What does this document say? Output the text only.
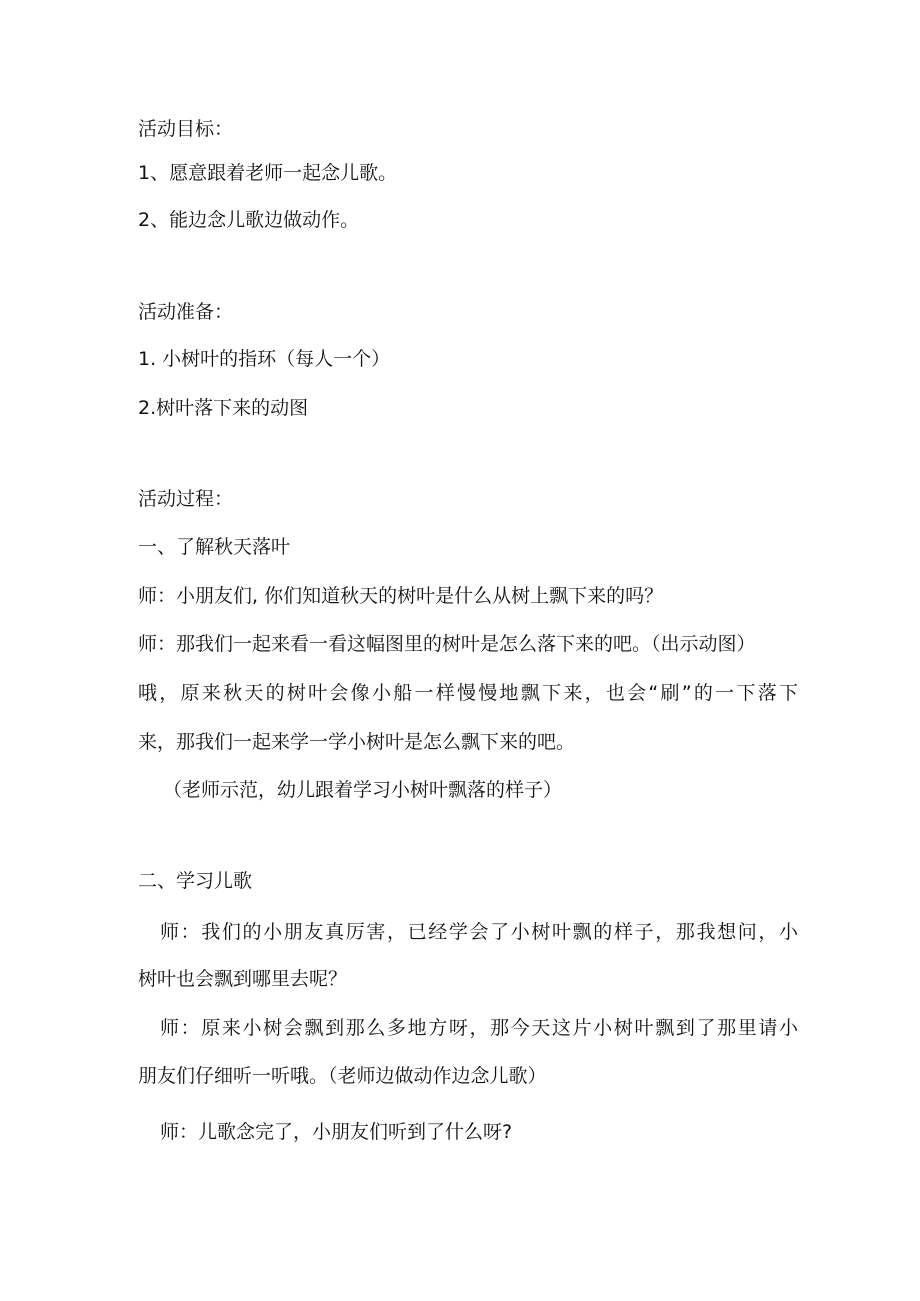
活动目标：
1、愿意跟着老师一起念儿歌。
2、能边念儿歌边做动作。
活动准备：
1. 小树叶的指环（每人一个）
2.树叶落下来的动图
活动过程：
一、了解秋天落叶
师：小朋友们, 你们知道秋天的树叶是什么从树上飘下来的吗？
师：那我们一起来看一看这幅图里的树叶是怎么落下来的吧。（出示动图）
哦，原来秋天的树叶会像小船一样慢慢地飘下来，也会“刷”的一下落下
来，那我们一起来学一学小树叶是怎么飘下来的吧。
（老师示范，幼儿跟着学习小树叶飘落的样子）
二、学习儿歌
师：我们的小朋友真厉害，已经学会了小树叶飘的样子，那我想问，小
树叶也会飘到哪里去呢？
师：原来小树会飘到那么多地方呀，那今天这片小树叶飘到了那里请小
朋友们仔细听一听哦。（老师边做动作边念儿歌）
师：儿歌念完了，小朋友们听到了什么呀?
